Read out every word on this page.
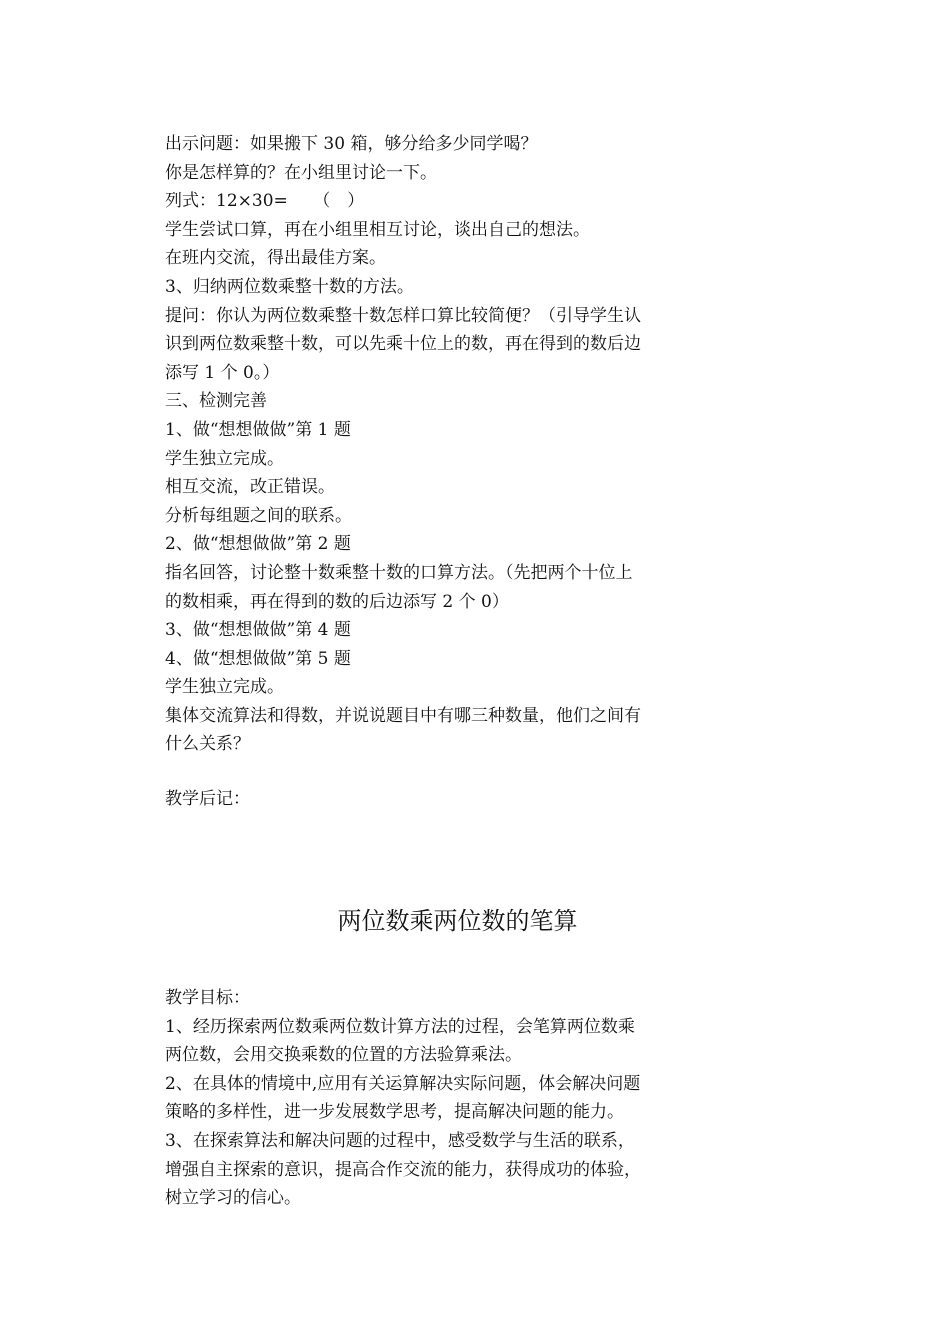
出示问题：如果搬下 30 箱，够分给多少同学喝？

你是怎样算的？在小组里讨论一下。

列式：12×30=　　（　）

学生尝试口算，再在小组里相互讨论，谈出自己的想法。

在班内交流，得出最佳方案。

3、归纳两位数乘整十数的方法。

提问：你认为两位数乘整十数怎样口算比较简便？（引导学生认

识到两位数乘整十数，可以先乘十位上的数，再在得到的数后边

添写 1 个 0。）

三、检测完善

1、做“想想做做”第 1 题

学生独立完成。

相互交流，改正错误。

分析每组题之间的联系。

2、做“想想做做”第 2 题

指名回答，讨论整十数乘整十数的口算方法。（先把两个十位上

的数相乘，再在得到的数的后边添写 2 个 0）

3、做“想想做做”第 4 题

4、做“想想做做”第 5 题

学生独立完成。

集体交流算法和得数，并说说题目中有哪三种数量，他们之间有

什么关系？

教学后记：

两位数乘两位数的笔算

教学目标：

1、经历探索两位数乘两位数计算方法的过程，会笔算两位数乘

两位数，会用交换乘数的位置的方法验算乘法。

2、在具体的情境中,应用有关运算解决实际问题，体会解决问题

策略的多样性，进一步发展数学思考，提高解决问题的能力。

3、在探索算法和解决问题的过程中，感受数学与生活的联系，

增强自主探索的意识，提高合作交流的能力，获得成功的体验，

树立学习的信心。
